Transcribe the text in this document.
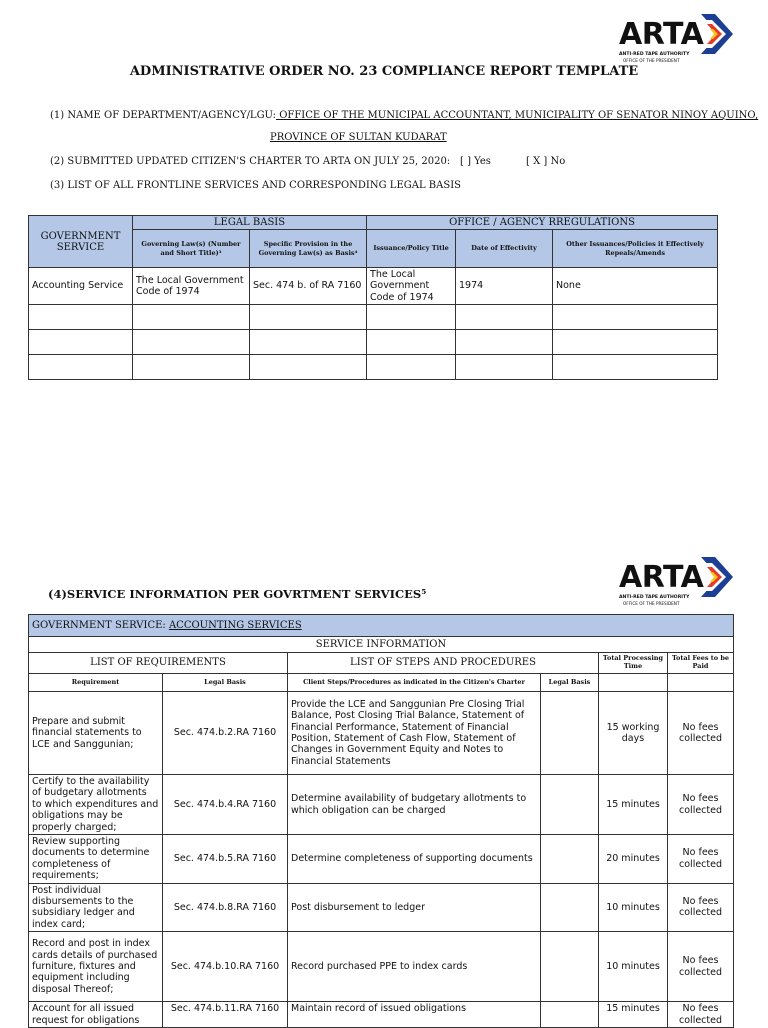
ARTA
ANTI-RED TAPE AUTHORITY
OFFICE OF THE PRESIDENT
ADMINISTRATIVE ORDER NO. 23 COMPLIANCE REPORT TEMPLATE
(1) NAME OF DEPARTMENT/AGENCY/LGU: OFFICE OF THE MUNICIPAL ACCOUNTANT, MUNICIPALITY OF SENATOR NINOY AQUINO,
PROVINCE OF SULTAN KUDARAT
(2) SUBMITTED UPDATED CITIZEN'S CHARTER TO ARTA ON JULY 25, 2020: [ ] Yes	[ X ] No
(3) LIST OF ALL FRONTLINE SERVICES AND CORRESPONDING LEGAL BASIS
GOVERNMENT SERVICE	LEGAL BASIS		OFFICE / AGENCY RREGULATIONS		
	Governing Law(s) (Number and Short Title)³	Specific Provision in the Governing Law(s) as Basis⁴	Issuance/Policy Title	Date of Effectivity	Other Issuances/Policies it Effectively Repeals/Amends
Accounting Service	The Local Government Code of 1974	Sec. 474 b. of RA 7160	The Local Government Code of 1974	1974	None

ARTA
ANTI-RED TAPE AUTHORITY
OFFICE OF THE PRESIDENT
(4)SERVICE INFORMATION PER GOVRTMENT SERVICES⁵
GOVERNMENT SERVICE: ACCOUNTING SERVICES					
SERVICE INFORMATION					
LIST OF REQUIREMENTS		LIST OF STEPS AND PROCEDURES		Total Processing Time	Total Fees to be Paid
Requirement	Legal Basis	Client Steps/Procedures as indicated in the Citizen's Charter	Legal Basis		
Prepare and submit financial statements to LCE and Sanggunian;	Sec. 474.b.2.RA 7160	Provide the LCE and Sanggunian Pre Closing Trial Balance, Post Closing Trial Balance, Statement of Financial Performance, Statement of Financial Position, Statement of Cash Flow, Statement of Changes in Government Equity and Notes to Financial Statements		15 working days	No fees collected
Certify to the availability of budgetary allotments to which expenditures and obligations may be properly charged;	Sec. 474.b.4.RA 7160	Determine availability of budgetary allotments to which obligation can be charged		15 minutes	No fees collected
Review supporting documents to determine completeness of requirements;	Sec. 474.b.5.RA 7160	Determine completeness of supporting documents		20 minutes	No fees collected
Post individual disbursements to the subsidiary ledger and index card;	Sec. 474.b.8.RA 7160	Post disbursement to ledger		10 minutes	No fees collected
Record and post in index cards details of purchased furniture, fixtures and equipment including disposal Thereof;	Sec. 474.b.10.RA 7160	Record purchased PPE to index cards		10 minutes	No fees collected
Account for all issued request for obligations	Sec. 474.b.11.RA 7160	Maintain record of issued obligations		15 minutes	No fees collected
